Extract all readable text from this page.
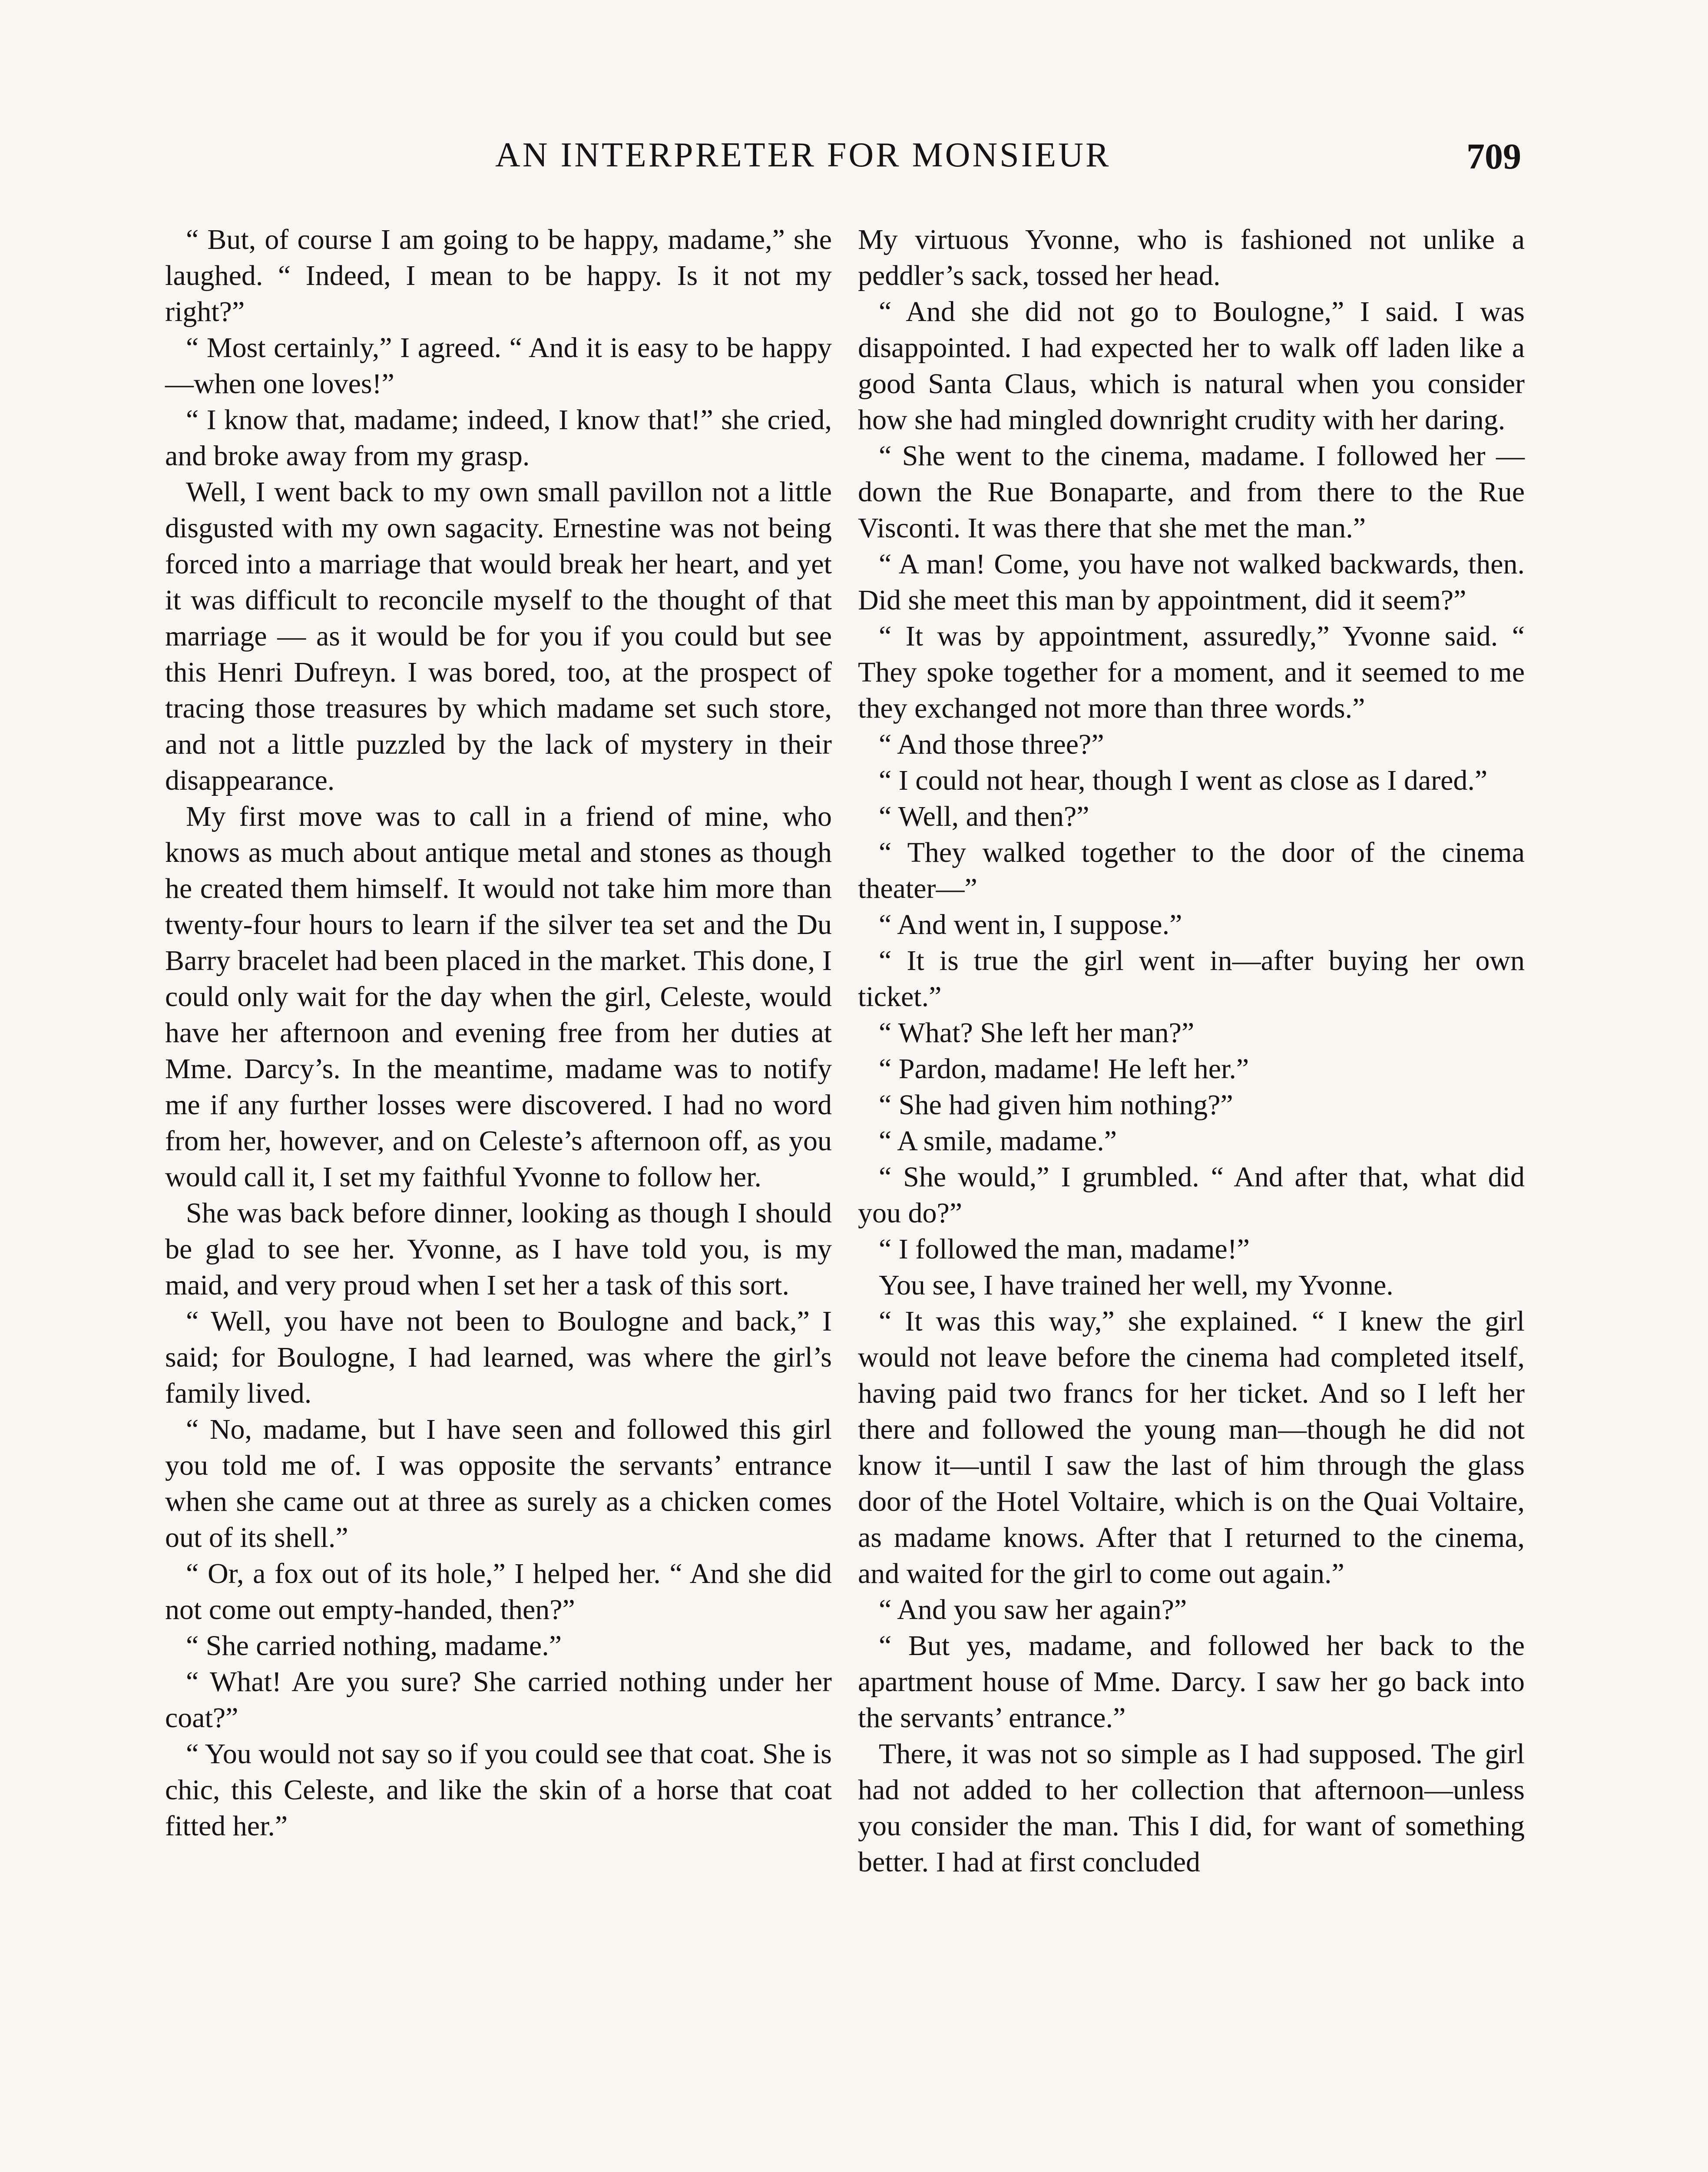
AN INTERPRETER FOR MONSIEUR	709

“ But, of course I am going to be happy, madame,” she laughed. “ Indeed, I mean to be happy. Is it not my right?”

“ Most certainly,” I agreed. “ And it is easy to be happy—when one loves!”

“ I know that, madame; indeed, I know that!” she cried, and broke away from my grasp.

Well, I went back to my own small pavillon not a little disgusted with my own sagacity. Ernestine was not being forced into a marriage that would break her heart, and yet it was difficult to reconcile myself to the thought of that marriage — as it would be for you if you could but see this Henri Dufreyn. I was bored, too, at the prospect of tracing those treasures by which madame set such store, and not a little puzzled by the lack of mystery in their disappearance.

My first move was to call in a friend of mine, who knows as much about antique metal and stones as though he created them himself. It would not take him more than twenty-four hours to learn if the silver tea set and the Du Barry bracelet had been placed in the market. This done, I could only wait for the day when the girl, Celeste, would have her afternoon and evening free from her duties at Mme. Darcy’s. In the meantime, madame was to notify me if any further losses were discovered. I had no word from her, however, and on Celeste’s afternoon off, as you would call it, I set my faithful Yvonne to follow her.

She was back before dinner, looking as though I should be glad to see her. Yvonne, as I have told you, is my maid, and very proud when I set her a task of this sort.

“ Well, you have not been to Boulogne and back,” I said; for Boulogne, I had learned, was where the girl’s family lived.

“ No, madame, but I have seen and followed this girl you told me of. I was opposite the servants’ entrance when she came out at three as surely as a chicken comes out of its shell.”

“ Or, a fox out of its hole,” I helped her. “ And she did not come out empty-handed, then?”

“ She carried nothing, madame.”

“ What! Are you sure? She carried nothing under her coat?”

“ You would not say so if you could see that coat. She is chic, this Celeste, and like the skin of a horse that coat fitted her.”

My virtuous Yvonne, who is fashioned not unlike a peddler’s sack, tossed her head.

“ And she did not go to Boulogne,” I said. I was disappointed. I had expected her to walk off laden like a good Santa Claus, which is natural when you consider how she had mingled downright crudity with her daring.

“ She went to the cinema, madame. I followed her — down the Rue Bonaparte, and from there to the Rue Visconti. It was there that she met the man.”

“ A man! Come, you have not walked backwards, then. Did she meet this man by appointment, did it seem?”

“ It was by appointment, assuredly,” Yvonne said. “ They spoke together for a moment, and it seemed to me they exchanged not more than three words.”

“ And those three?”

“ I could not hear, though I went as close as I dared.”

“ Well, and then?”

“ They walked together to the door of the cinema theater—”

“ And went in, I suppose.”

“ It is true the girl went in—after buying her own ticket.”

“ What? She left her man?”

“ Pardon, madame! He left her.”

“ She had given him nothing?”

“ A smile, madame.”

“ She would,” I grumbled. “ And after that, what did you do?”

“ I followed the man, madame!”

You see, I have trained her well, my Yvonne.

“ It was this way,” she explained. “ I knew the girl would not leave before the cinema had completed itself, having paid two francs for her ticket. And so I left her there and followed the young man—though he did not know it—until I saw the last of him through the glass door of the Hotel Voltaire, which is on the Quai Voltaire, as madame knows. After that I returned to the cinema, and waited for the girl to come out again.”

“ And you saw her again?”

“ But yes, madame, and followed her back to the apartment house of Mme. Darcy. I saw her go back into the servants’ entrance.”

There, it was not so simple as I had supposed. The girl had not added to her collection that afternoon—unless you consider the man. This I did, for want of something better. I had at first concluded
